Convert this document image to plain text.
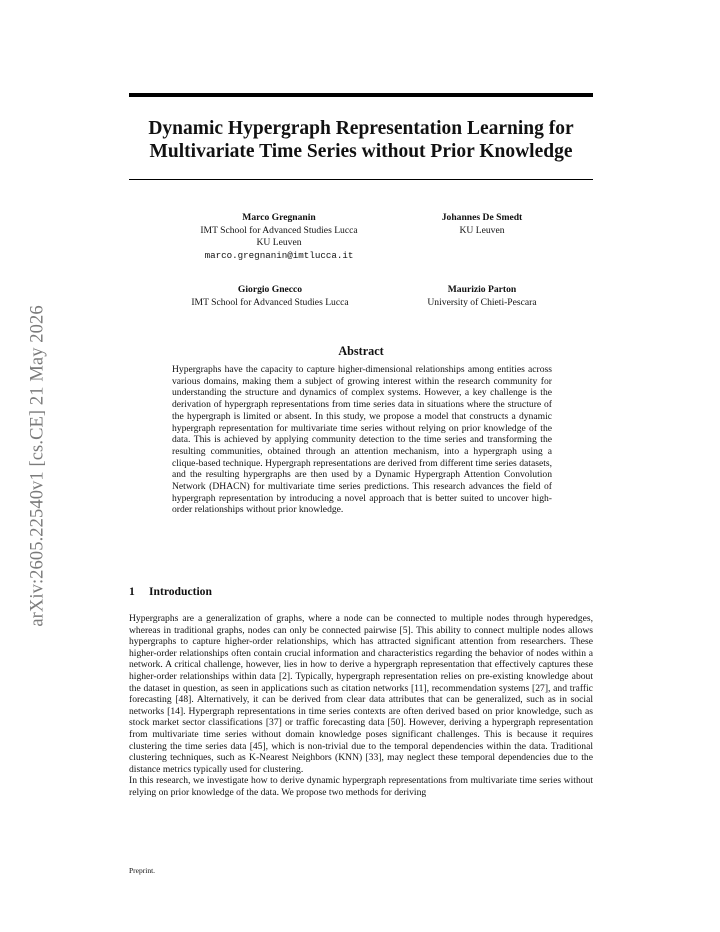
arXiv:2605.22540v1 [cs.CE] 21 May 2026
Dynamic Hypergraph Representation Learning for Multivariate Time Series without Prior Knowledge
Marco Gregnanin
IMT School for Advanced Studies Lucca
KU Leuven
marco.gregnanin@imtlucca.it
Johannes De Smedt
KU Leuven
Giorgio Gnecco
IMT School for Advanced Studies Lucca
Maurizio Parton
University of Chieti-Pescara
Abstract
Hypergraphs have the capacity to capture higher-dimensional relationships among entities across various domains, making them a subject of growing interest within the research community for understanding the structure and dynamics of complex systems. However, a key challenge is the derivation of hypergraph representations from time series data in situations where the structure of the hypergraph is limited or absent. In this study, we propose a model that constructs a dynamic hypergraph representation for multivariate time series without relying on prior knowledge of the data. This is achieved by applying community detection to the time series and transforming the resulting communities, obtained through an attention mechanism, into a hypergraph using a clique-based technique. Hypergraph representations are derived from different time series datasets, and the resulting hypergraphs are then used by a Dynamic Hypergraph Attention Convolution Network (DHACN) for multivariate time series predictions. This research advances the field of hypergraph representation by introducing a novel approach that is better suited to uncover high-order relationships without prior knowledge.
1 Introduction

Hypergraphs are a generalization of graphs, where a node can be connected to multiple nodes through hyperedges, whereas in traditional graphs, nodes can only be connected pairwise [5]. This ability to connect multiple nodes allows hypergraphs to capture higher-order relationships, which has attracted significant attention from researchers. These higher-order relationships often contain crucial information and characteristics regarding the behavior of nodes within a network. A critical challenge, however, lies in how to derive a hypergraph representation that effectively captures these higher-order relationships within data [2]. Typically, hypergraph representation relies on pre-existing knowledge about the dataset in question, as seen in applications such as citation networks [11], recommendation systems [27], and traffic forecasting [48]. Alternatively, it can be derived from clear data attributes that can be generalized, such as in social networks [14]. Hypergraph representations in time series contexts are often derived based on prior knowledge, such as stock market sector classifications [37] or traffic forecasting data [50]. However, deriving a hypergraph representation from multivariate time series without domain knowledge poses significant challenges. This is because it requires clustering the time series data [45], which is non-trivial due to the temporal dependencies within the data. Traditional clustering techniques, such as K-Nearest Neighbors (KNN) [33], may neglect these temporal dependencies due to the distance metrics typically used for clustering.

In this research, we investigate how to derive dynamic hypergraph representations from multivariate time series without relying on prior knowledge of the data. We propose two methods for deriving

Preprint.
